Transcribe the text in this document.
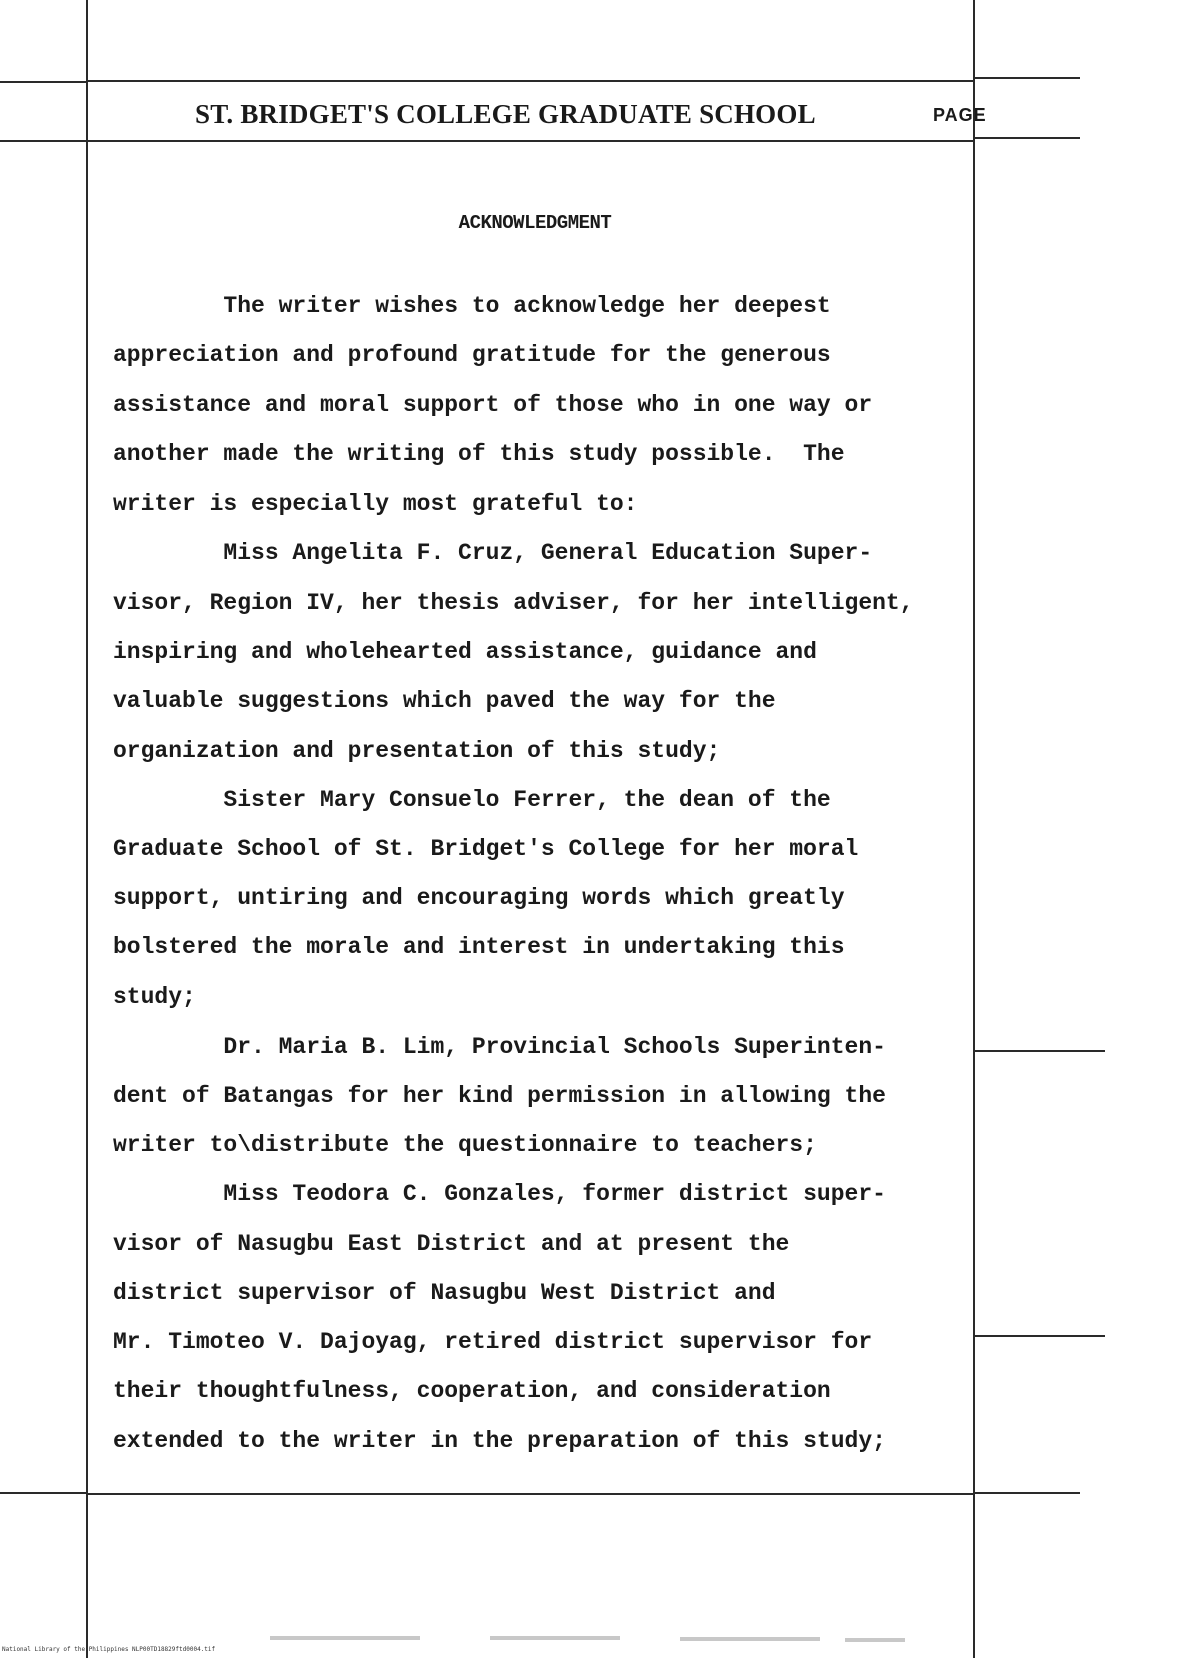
ST. BRIDGET'S COLLEGE GRADUATE SCHOOL	PAGE
ACKNOWLEDGMENT

The writer wishes to acknowledge her deepest

appreciation and profound gratitude for the generous

assistance and moral support of those who in one way or

another made the writing of this study possible.  The

writer is especially most grateful to:

Miss Angelita F. Cruz, General Education Super-

visor, Region IV, her thesis adviser, for her intelligent,

inspiring and wholehearted assistance, guidance and

valuable suggestions which paved the way for the

organization and presentation of this study;

Sister Mary Consuelo Ferrer, the dean of the

Graduate School of St. Bridget's College for her moral

support, untiring and encouraging words which greatly

bolstered the morale and interest in undertaking this

study;

Dr. Maria B. Lim, Provincial Schools Superinten-

dent of Batangas for her kind permission in allowing the

writer to\distribute the questionnaire to teachers;

Miss Teodora C. Gonzales, former district super-

visor of Nasugbu East District and at present the

district supervisor of Nasugbu West District and

Mr. Timoteo V. Dajoyag, retired district supervisor for

their thoughtfulness, cooperation, and consideration

extended to the writer in the preparation of this study;

National Library of the Philippines NLP00TD18829ftd0004.tif
